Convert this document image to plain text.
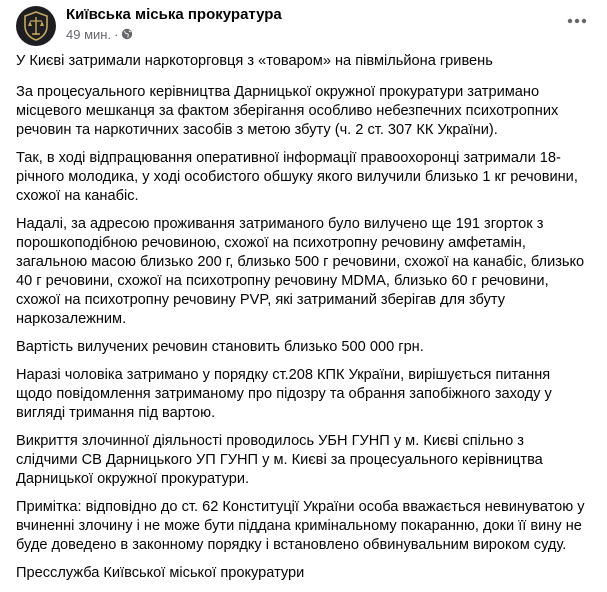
Київська міська прокуратура
49 мин. ·

У Києві затримали наркоторговця з «товаром» на півмільйона гривень

За процесуального керівництва Дарницької окружної прокуратури затримано місцевого мешканця за фактом зберігання особливо небезпечних психотропних речовин та наркотичних засобів з метою збуту (ч. 2 ст. 307 КК України).

Так, в ході відпрацювання оперативної інформації правоохоронці затримали 18-річного молодика, у ході особистого обшуку якого вилучили близько 1 кг речовини, схожої на канабіс.

Надалі, за адресою проживання затриманого було вилучено ще 191 згорток з порошкоподібною речовиною, схожої на психотропну речовину амфетамін, загальною масою близько 200 г, близько 500 г речовини, схожої на канабіс, близько 40 г речовини, схожої на психотропну речовину MDMA, близько 60 г речовини, схожої на психотропну речовину PVP, які затриманий зберігав для збуту наркозалежним.

Вартість вилучених речовин становить близько 500 000 грн.

Наразі чоловіка затримано у порядку ст.208 КПК України, вирішується питання щодо повідомлення затриманому про підозру та обрання запобіжного заходу у вигляді тримання під вартою.

Викриття злочинної діяльності проводилось УБН ГУНП у м. Києві спільно з слідчими СВ Дарницького УП ГУНП у м. Києві за процесуального керівництва Дарницької окружної прокуратури.

Примітка: відповідно до ст. 62 Конституції України особа вважається невинуватою у вчиненні злочину і не може бути піддана кримінальному покаранню, доки її вину не буде доведено в законному порядку і встановлено обвинувальним вироком суду.

Пресслужба Київської міської прокуратури
